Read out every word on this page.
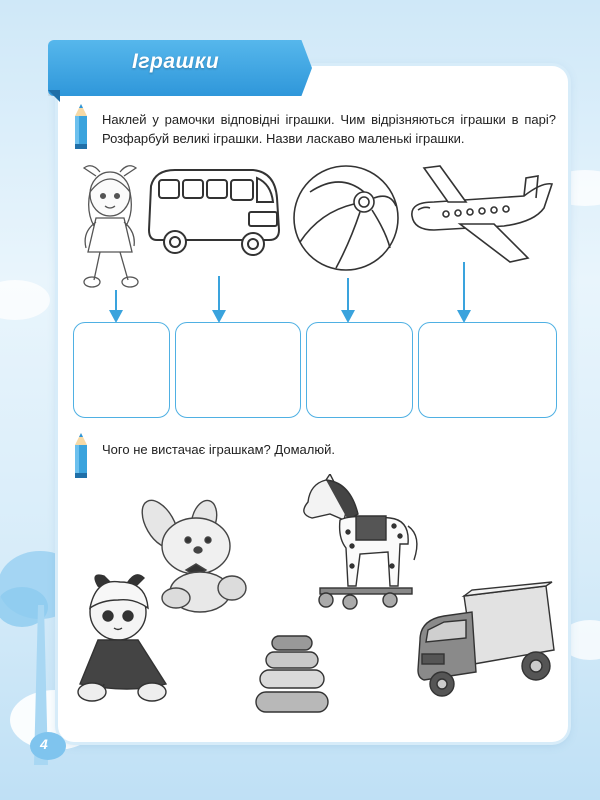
Іграшки
Наклей у рамочки відповідні іграшки. Чим відрізняються іграшки в парі? Розфарбуй великі іграшки. Назви ласкаво маленькі іграшки.
Чого не вистачає іграшкам? Домалюй.
4
